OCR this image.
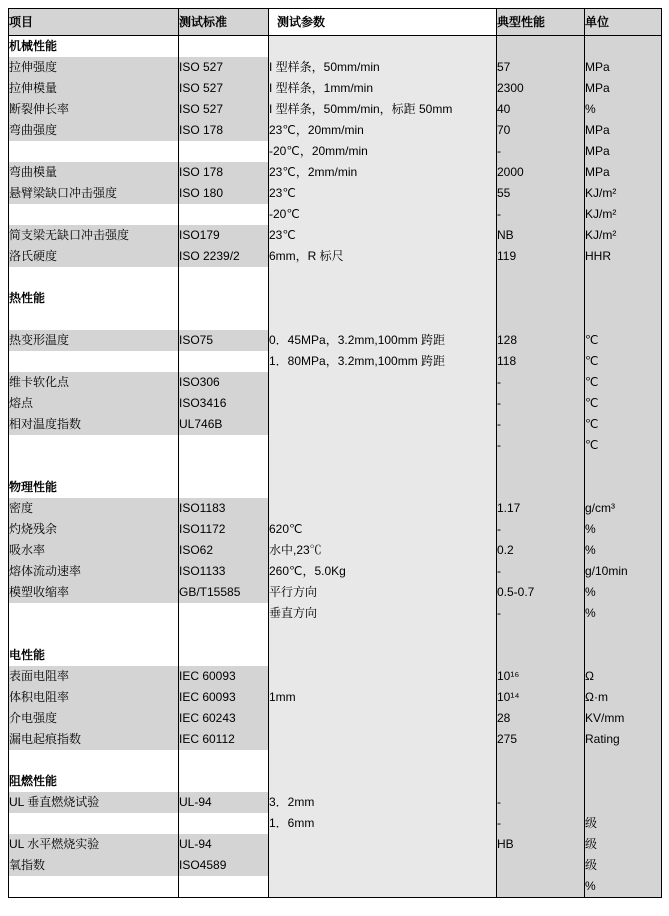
项目	测试标准	测试参数	典型性能	单位
机械性能				
拉伸强度	ISO 527	I 型样条，50mm/min	57	MPa
拉伸模量	ISO 527	I 型样条，1mm/min	2300	MPa
断裂伸长率	ISO 527	I 型样条，50mm/min，标距 50mm	40	%
弯曲强度	ISO 178	23℃，20mm/min	70	MPa
		-20℃，20mm/min	-	MPa
弯曲模量	ISO 178	23℃，2mm/min	2000	MPa
悬臂梁缺口冲击强度	ISO 180	23℃	55	KJ/m²
		-20℃	-	KJ/m²
简支梁无缺口冲击强度	ISO179	23℃	NB	KJ/m²
洛氏硬度	ISO 2239/2	6mm，R 标尺	119	HHR

热性能				

热变形温度	ISO75	0．45MPa，3.2mm,100mm 跨距	128	℃
		1．80MPa，3.2mm,100mm 跨距	118	℃
维卡软化点	ISO306		-	℃
熔点	ISO3416		-	℃
相对温度指数	UL746B		-	℃
			-	℃

物理性能				
密度	ISO1183		1.17	g/cm³
灼烧残余	ISO1172	620℃	-	%
吸水率	ISO62	水中,23℃	0.2	%
熔体流动速率	ISO1133	260℃，5.0Kg	-	g/10min
模塑收缩率	GB/T15585	平行方向	0.5-0.7	%
		垂直方向	-	%

电性能				
表面电阻率	IEC 60093		10¹⁶	Ω
体积电阻率	IEC 60093	1mm	10¹⁴	Ω·m
介电强度	IEC 60243		28	KV/mm
漏电起痕指数	IEC 60112		275	Rating

阻燃性能				
UL 垂直燃烧试验	UL-94	3．2mm	-	
		1．6mm	-	级
UL 水平燃烧实验	UL-94		HB	级
氧指数	ISO4589			级
				%
